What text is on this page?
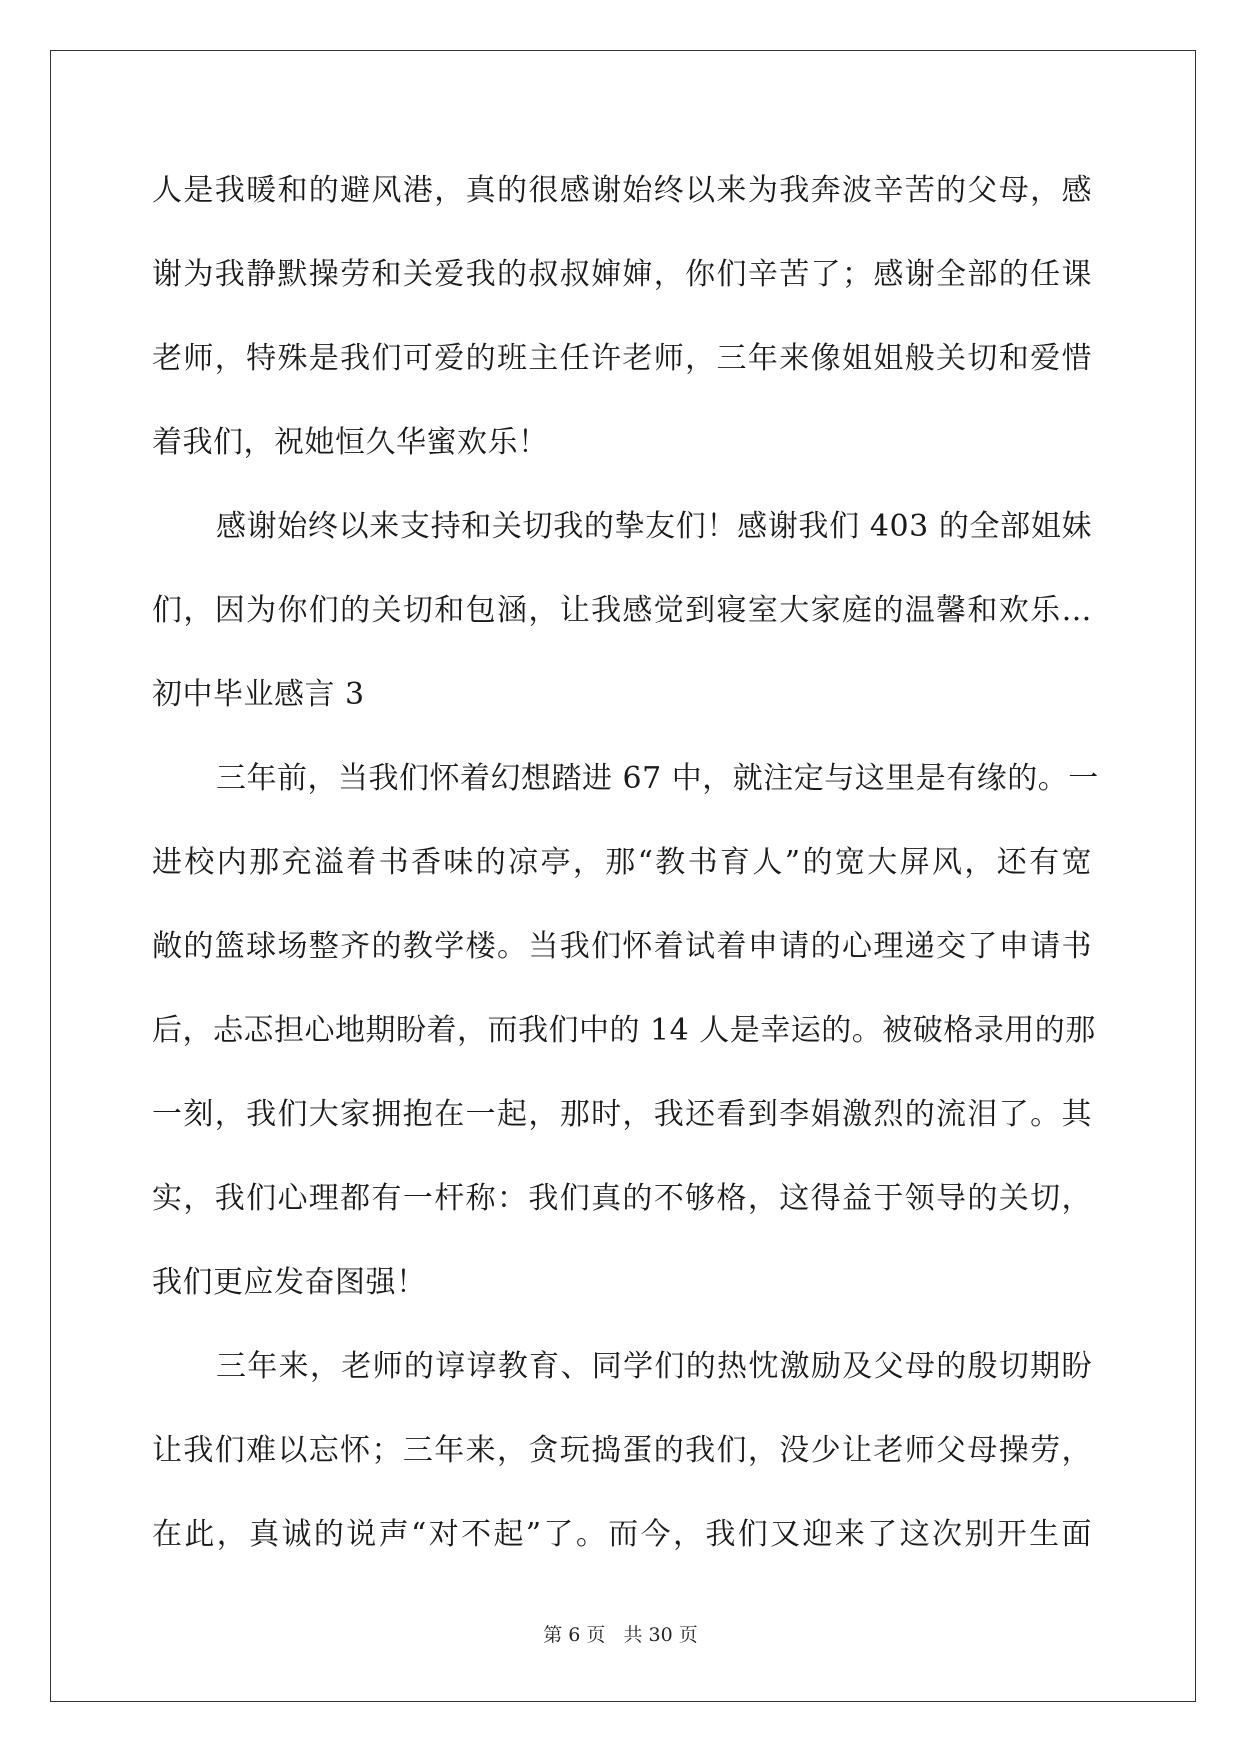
人是我暖和的避风港，真的很感谢始终以来为我奔波辛苦的父母，感
谢为我静默操劳和关爱我的叔叔婶婶，你们辛苦了；感谢全部的任课
老师，特殊是我们可爱的班主任许老师，三年来像姐姐般关切和爱惜
着我们，祝她恒久华蜜欢乐！
感谢始终以来支持和关切我的挚友们！感谢我们 403 的全部姐妹
们，因为你们的关切和包涵，让我感觉到寝室大家庭的温馨和欢乐…
初中毕业感言 3
三年前，当我们怀着幻想踏进 67 中，就注定与这里是有缘的。一
进校内那充溢着书香味的凉亭，那“教书育人”的宽大屏风，还有宽
敞的篮球场整齐的教学楼。当我们怀着试着申请的心理递交了申请书
后，忐忑担心地期盼着，而我们中的 14 人是幸运的。被破格录用的那
一刻，我们大家拥抱在一起，那时，我还看到李娟激烈的流泪了。其
实，我们心理都有一杆称：我们真的不够格，这得益于领导的关切，
我们更应发奋图强！
三年来，老师的谆谆教育、同学们的热忱激励及父母的殷切期盼
让我们难以忘怀；三年来，贪玩捣蛋的我们，没少让老师父母操劳，
在此，真诚的说声“对不起”了。而今，我们又迎来了这次别开生面
第 6 页 共 30 页
